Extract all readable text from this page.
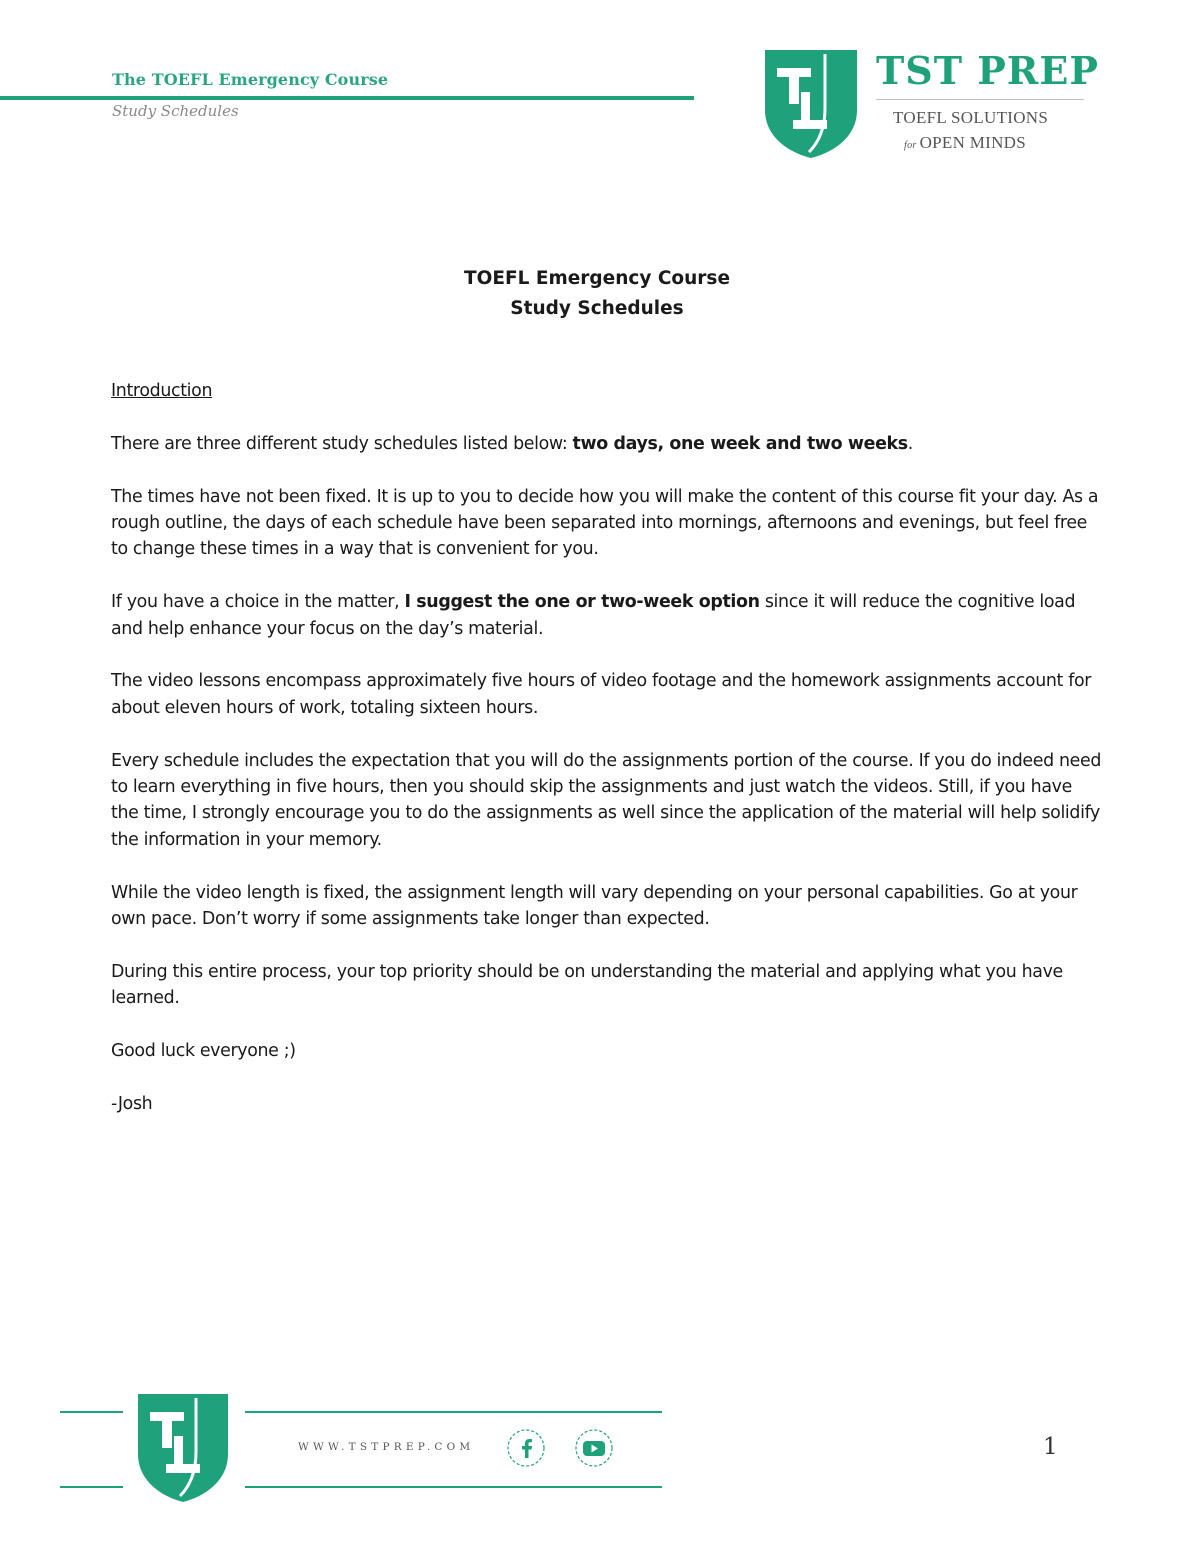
The TOEFL Emergency Course
Study Schedules
TST PREP
TOEFL SOLUTIONS
for OPEN MINDS
TOEFL Emergency Course
Study Schedules

Introduction

There are three different study schedules listed below: two days, one week and two weeks.

The times have not been fixed. It is up to you to decide how you will make the content of this course fit your day. As a rough outline, the days of each schedule have been separated into mornings, afternoons and evenings, but feel free to change these times in a way that is convenient for you.

If you have a choice in the matter, I suggest the one or two-week option since it will reduce the cognitive load and help enhance your focus on the day’s material.

The video lessons encompass approximately five hours of video footage and the homework assignments account for about eleven hours of work, totaling sixteen hours.

Every schedule includes the expectation that you will do the assignments portion of the course. If you do indeed need to learn everything in five hours, then you should skip the assignments and just watch the videos. Still, if you have the time, I strongly encourage you to do the assignments as well since the application of the material will help solidify the information in your memory.

While the video length is fixed, the assignment length will vary depending on your personal capabilities. Go at your own pace. Don’t worry if some assignments take longer than expected.

During this entire process, your top priority should be on understanding the material and applying what you have learned.

Good luck everyone ;)

-Josh

WWW.TSTPREP.COM	1
